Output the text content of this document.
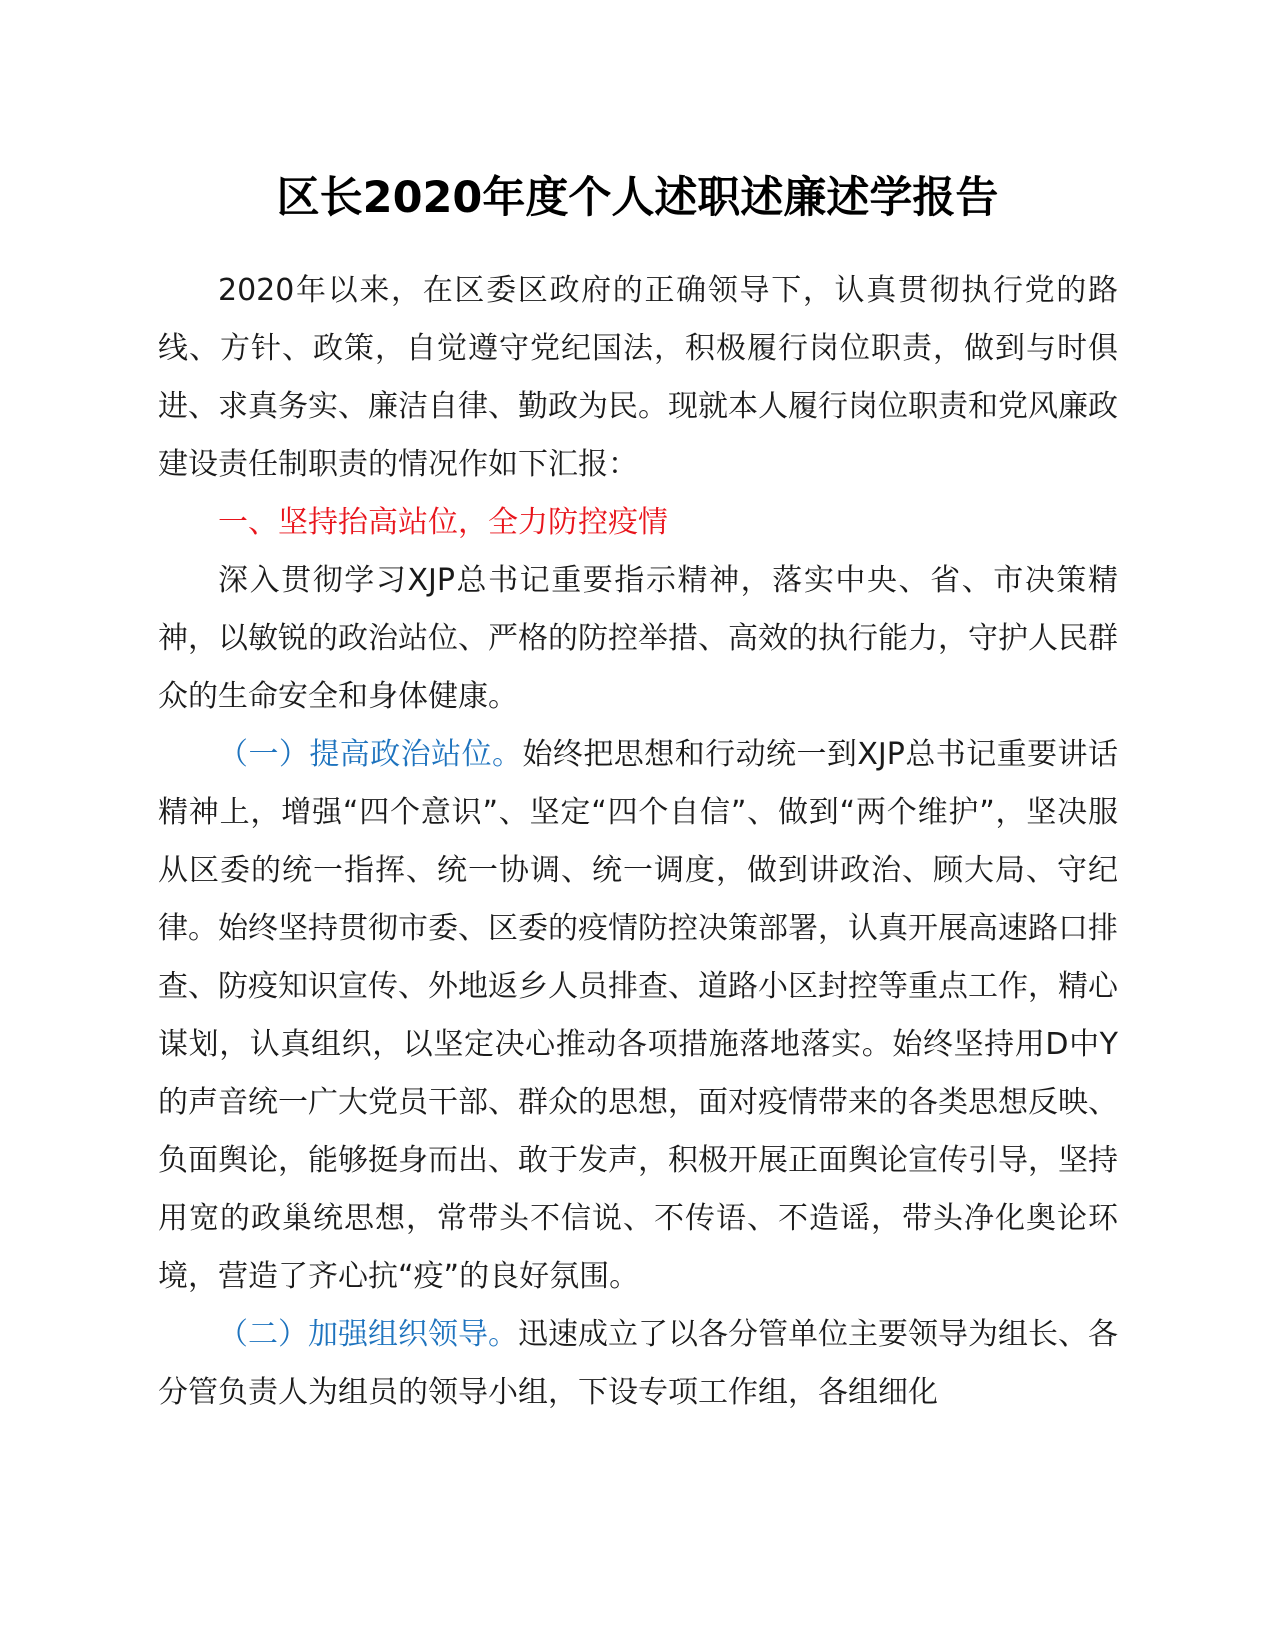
区长2020年度个人述职述廉述学报告

2020年以来，在区委区政府的正确领导下，认真贯彻执行党的路线、方针、政策，自觉遵守党纪国法，积极履行岗位职责，做到与时俱进、求真务实、廉洁自律、勤政为民。现就本人履行岗位职责和党风廉政建设责任制职责的情况作如下汇报：

一、坚持抬高站位，全力防控疫情

深入贯彻学习XJP总书记重要指示精神，落实中央、省、市决策精神，以敏锐的政治站位、严格的防控举措、高效的执行能力，守护人民群众的生命安全和身体健康。

（一）提高政治站位。始终把思想和行动统一到XJP总书记重要讲话精神上，增强“四个意识”、坚定“四个自信”、做到“两个维护”，坚决服从区委的统一指挥、统一协调、统一调度，做到讲政治、顾大局、守纪律。始终坚持贯彻市委、区委的疫情防控决策部署，认真开展高速路口排查、防疫知识宣传、外地返乡人员排查、道路小区封控等重点工作，精心谋划，认真组织，以坚定决心推动各项措施落地落实。始终坚持用D中Y的声音统一广大党员干部、群众的思想，面对疫情带来的各类思想反映、负面舆论，能够挺身而出、敢于发声，积极开展正面舆论宣传引导，坚持用宽的政巢统思想，常带头不信说、不传语、不造谣，带头净化奥论环境，营造了齐心抗“疫”的良好氛围。

（二）加强组织领导。迅速成立了以各分管单位主要领导为组长、各分管负责人为组员的领导小组，下设专项工作组，各组细化
